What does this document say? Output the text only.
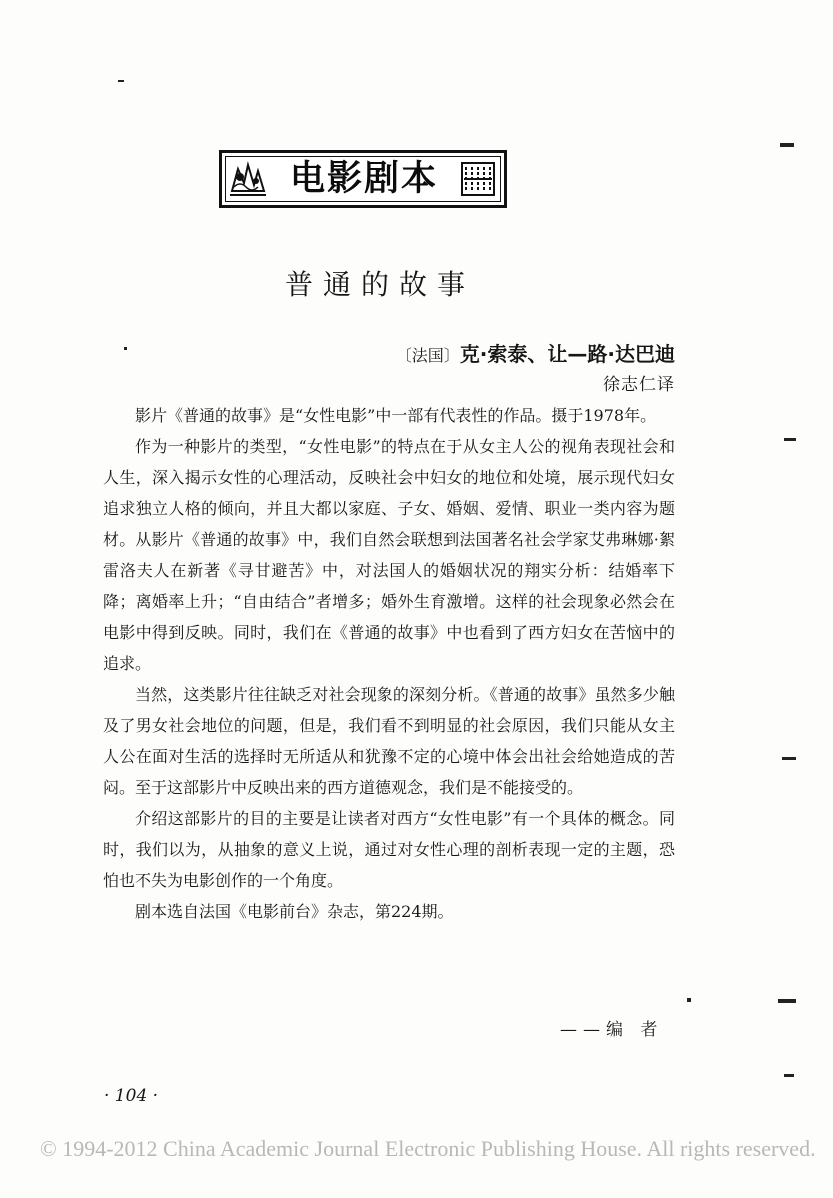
电影剧本
普通的故事
〔法国〕克·索泰、让—路·达巴迪
徐志仁译

影片《普通的故事》是“女性电影”中一部有代表性的作品。摄于1978年。

作为一种影片的类型，“女性电影”的特点在于从女主人公的视角表现社会和人生，深入揭示女性的心理活动，反映社会中妇女的地位和处境，展示现代妇女追求独立人格的倾向，并且大都以家庭、子女、婚姻、爱情、职业一类内容为题材。从影片《普通的故事》中，我们自然会联想到法国著名社会学家艾弗琳娜·絮雷洛夫人在新著《寻甘避苦》中，对法国人的婚姻状况的翔实分析：结婚率下降；离婚率上升；“自由结合”者增多；婚外生育激增。这样的社会现象必然会在电影中得到反映。同时，我们在《普通的故事》中也看到了西方妇女在苦恼中的追求。

当然，这类影片往往缺乏对社会现象的深刻分析。《普通的故事》虽然多少触及了男女社会地位的问题，但是，我们看不到明显的社会原因，我们只能从女主人公在面对生活的选择时无所适从和犹豫不定的心境中体会出社会给她造成的苦闷。至于这部影片中反映出来的西方道德观念，我们是不能接受的。

介绍这部影片的目的主要是让读者对西方“女性电影”有一个具体的概念。同时，我们以为，从抽象的意义上说，通过对女性心理的剖析表现一定的主题，恐怕也不失为电影创作的一个角度。

剧本选自法国《电影前台》杂志，第224期。

——编 者
· 104 ·
© 1994-2012 China Academic Journal Electronic Publishing House. All rights reserved.
